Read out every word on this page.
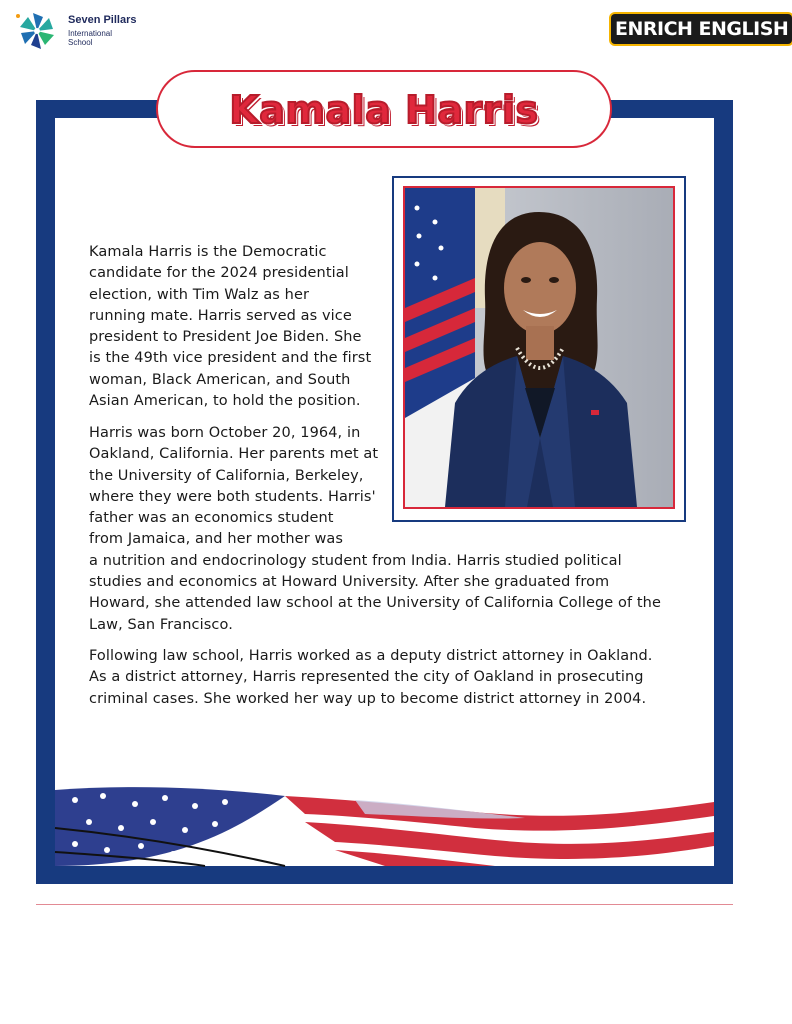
Seven Pillars
International
School
ENRICH ENGLISH
Kamala Harris
Kamala Harris is the Democratic
candidate for the 2024 presidential
election, with Tim Walz as her
running mate. Harris served as vice
president to President Joe Biden. She
is the 49th vice president and the first
woman, Black American, and South
Asian American, to hold the position.
Harris was born October 20, 1964, in
Oakland, California. Her parents met at
the University of California, Berkeley,
where they were both students. Harris'
father was an economics student
from Jamaica, and her mother was
a nutrition and endocrinology student from India. Harris studied political
studies and economics at Howard University. After she graduated from
Howard, she attended law school at the University of California College of the
Law, San Francisco.
Following law school, Harris worked as a deputy district attorney in Oakland.
As a district attorney, Harris represented the city of Oakland in prosecuting
criminal cases. She worked her way up to become district attorney in 2004.
